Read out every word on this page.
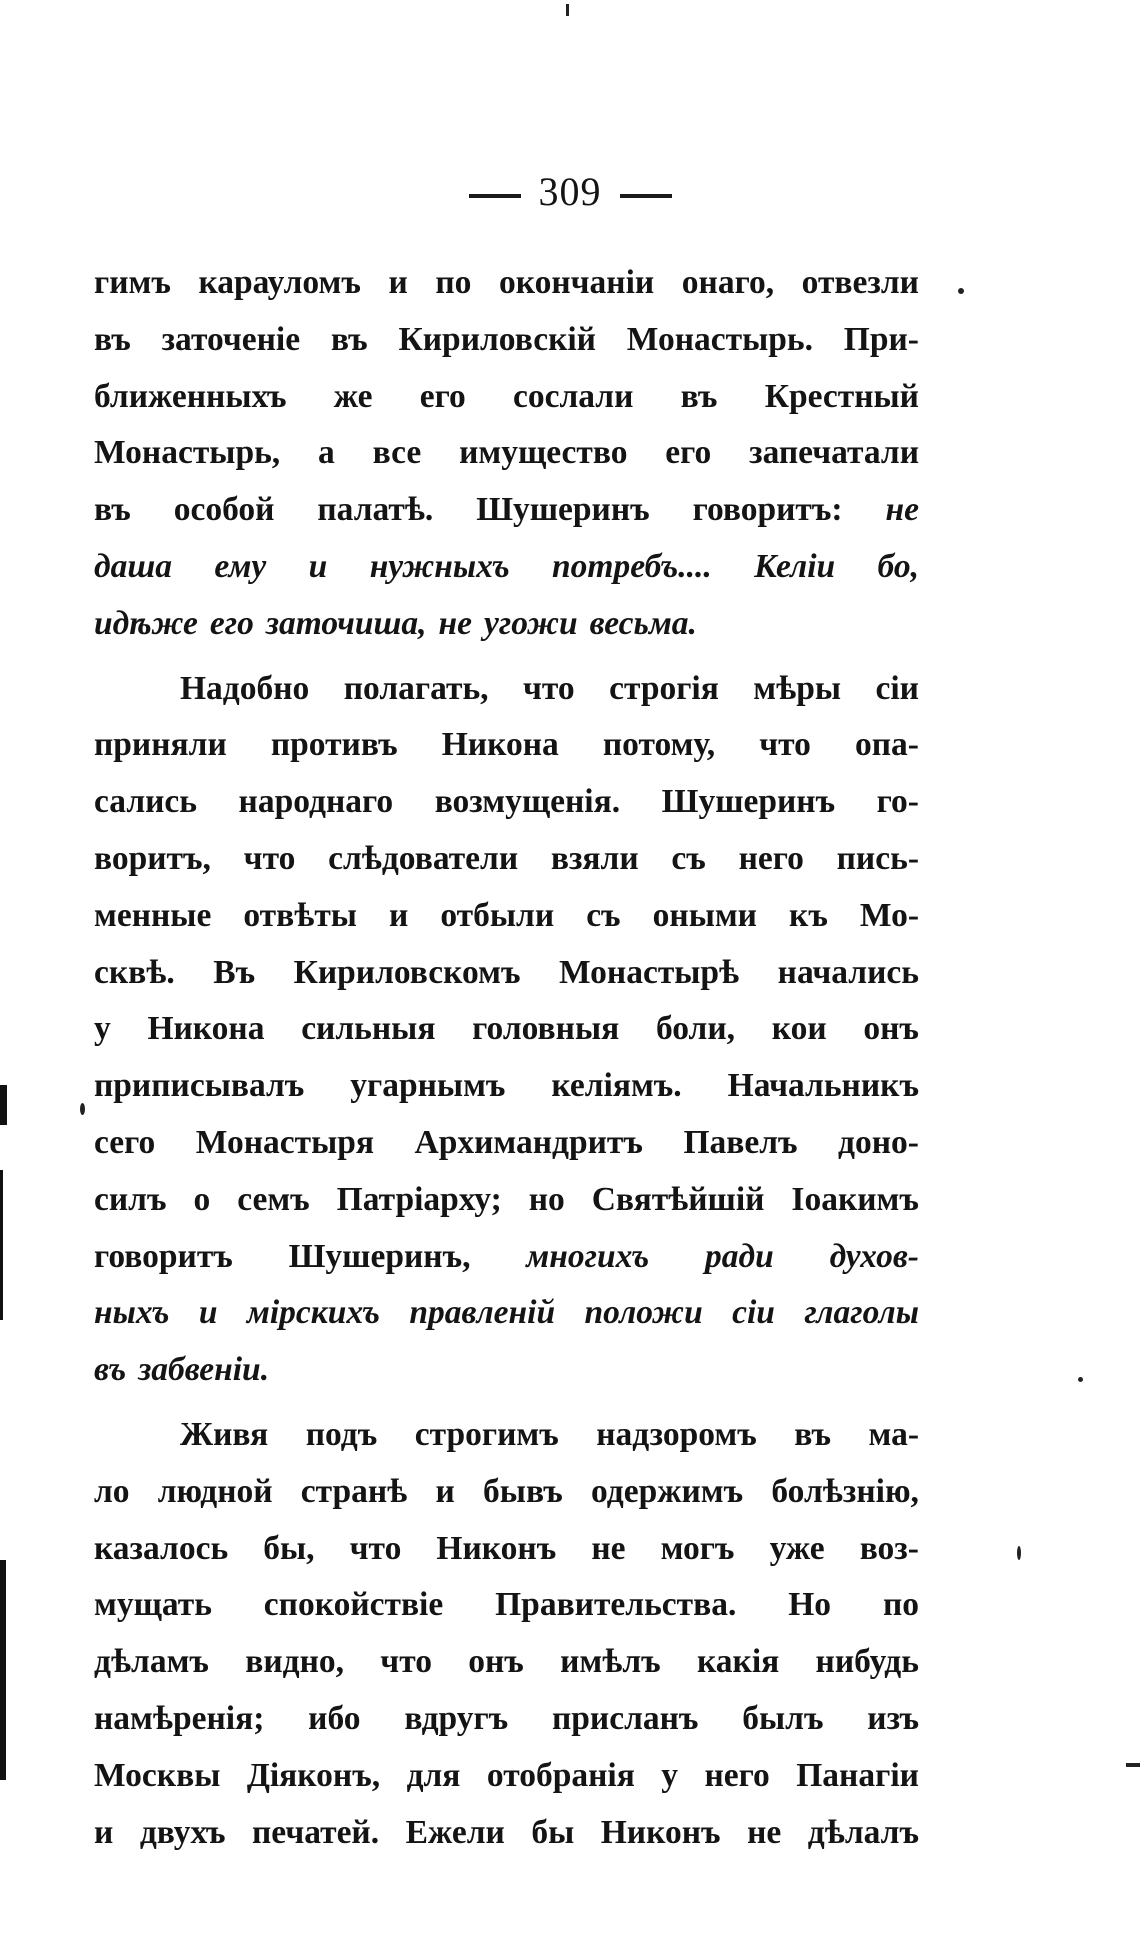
309
гимъ карауломъ и по окончаніи онаго, отвезли
въ заточеніе въ Кириловскій Монастырь. При-
ближенныхъ же его сослали въ Крестный
Монастырь, а все имущество его запечатали
въ особой палатѣ. Шушеринъ говоритъ: не
даша ему и нужныхъ потребъ.... Келіи бо,
идѣже его заточиша, не угожи весьма.
Надобно полагать, что строгія мѣры сіи
приняли противъ Никона потому, что опа-
сались народнаго возмущенія. Шушеринъ го-
воритъ, что слѣдователи взяли съ него пись-
менные отвѣты и отбыли съ оными къ Мо-
сквѣ. Въ Кириловскомъ Монастырѣ начались
у Никона сильныя головныя боли, кои онъ
приписывалъ угарнымъ келіямъ. Начальникъ
сего Монастыря Архимандритъ Павелъ доно-
силъ о семъ Патріарху; но Святѣйшій Іоакимъ
говоритъ Шушеринъ, многихъ ради духов-
ныхъ и мірскихъ правленій положи сіи глаголы
въ забвеніи.
Живя подъ строгимъ надзоромъ въ ма-
ло людной странѣ и бывъ одержимъ болѣзнію,
казалось бы, что Никонъ не могъ уже воз-
мущать спокойствіе Правительства. Но по
дѣламъ видно, что онъ имѣлъ какія нибудь
намѣренія; ибо вдругъ присланъ былъ изъ
Москвы Діяконъ, для отобранія у него Панагіи
и двухъ печатей. Ежели бы Никонъ не дѣлалъ
